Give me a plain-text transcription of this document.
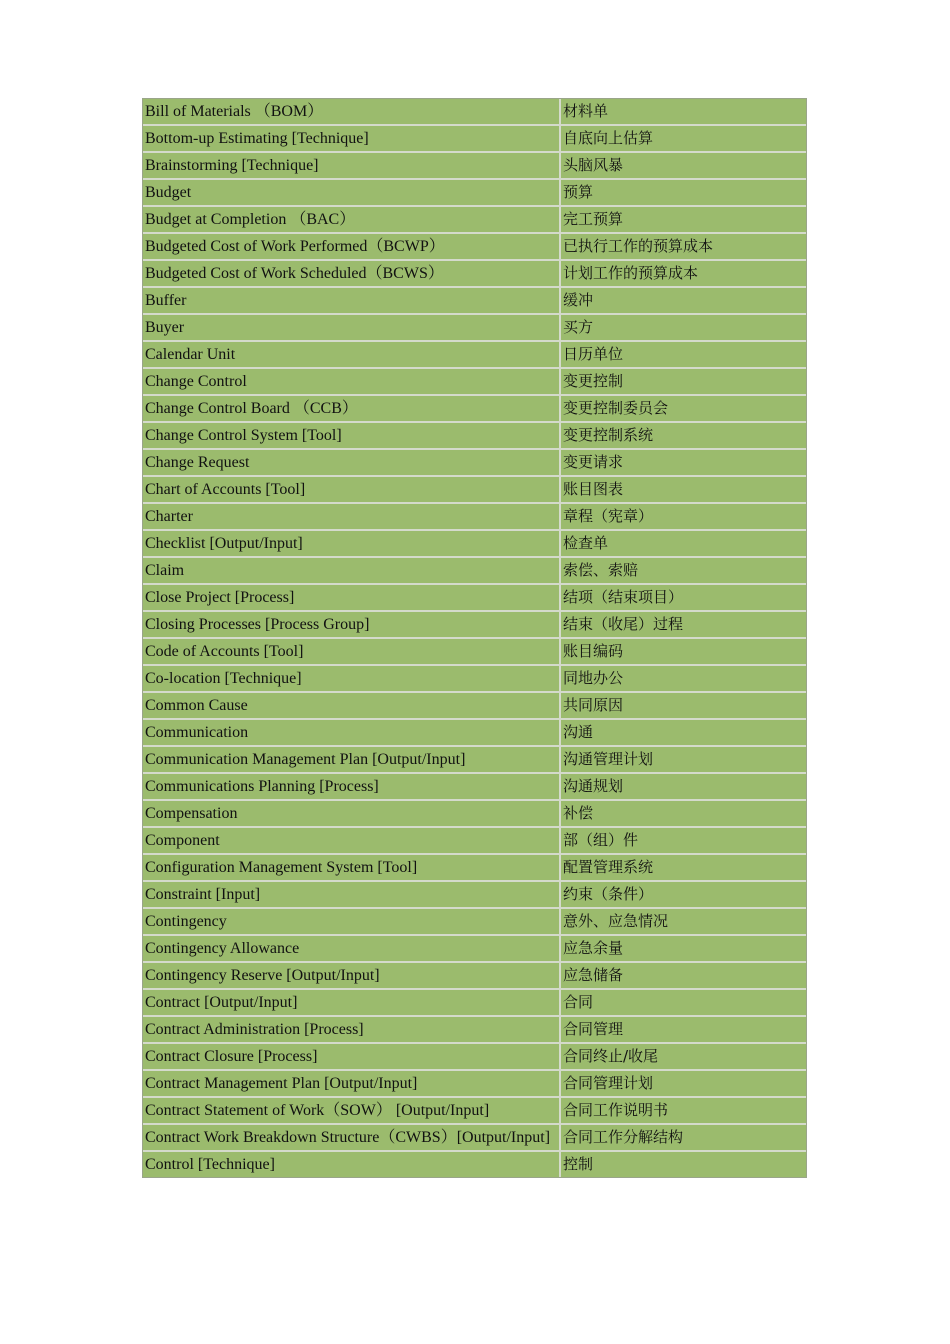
Bill of Materials （BOM）	材料单
Bottom-up Estimating [Technique]	自底向上估算
Brainstorming [Technique]	头脑风暴
Budget	预算
Budget at Completion （BAC）	完工预算
Budgeted Cost of Work Performed（BCWP）	已执行工作的预算成本
Budgeted Cost of Work Scheduled（BCWS）	计划工作的预算成本
Buffer	缓冲
Buyer	买方
Calendar Unit	日历单位
Change Control	变更控制
Change Control Board （CCB）	变更控制委员会
Change Control System [Tool]	变更控制系统
Change Request	变更请求
Chart of Accounts [Tool]	账目图表
Charter	章程（宪章）
Checklist [Output/Input]	检查单
Claim	索偿、索赔
Close Project [Process]	结项（结束项目）
Closing Processes [Process Group]	结束（收尾）过程
Code of Accounts [Tool]	账目编码
Co-location [Technique]	同地办公
Common Cause	共同原因
Communication	沟通
Communication Management Plan [Output/Input]	沟通管理计划
Communications Planning [Process]	沟通规划
Compensation	补偿
Component	部（组）件
Configuration Management System [Tool]	配置管理系统
Constraint [Input]	约束（条件）
Contingency	意外、应急情况
Contingency Allowance	应急余量
Contingency Reserve [Output/Input]	应急储备
Contract [Output/Input]	合同
Contract Administration [Process]	合同管理
Contract Closure [Process]	合同终止/收尾
Contract Management Plan [Output/Input]	合同管理计划
Contract Statement of Work（SOW） [Output/Input]	合同工作说明书
Contract Work Breakdown Structure（CWBS）[Output/Input]	合同工作分解结构
Control [Technique]	控制
